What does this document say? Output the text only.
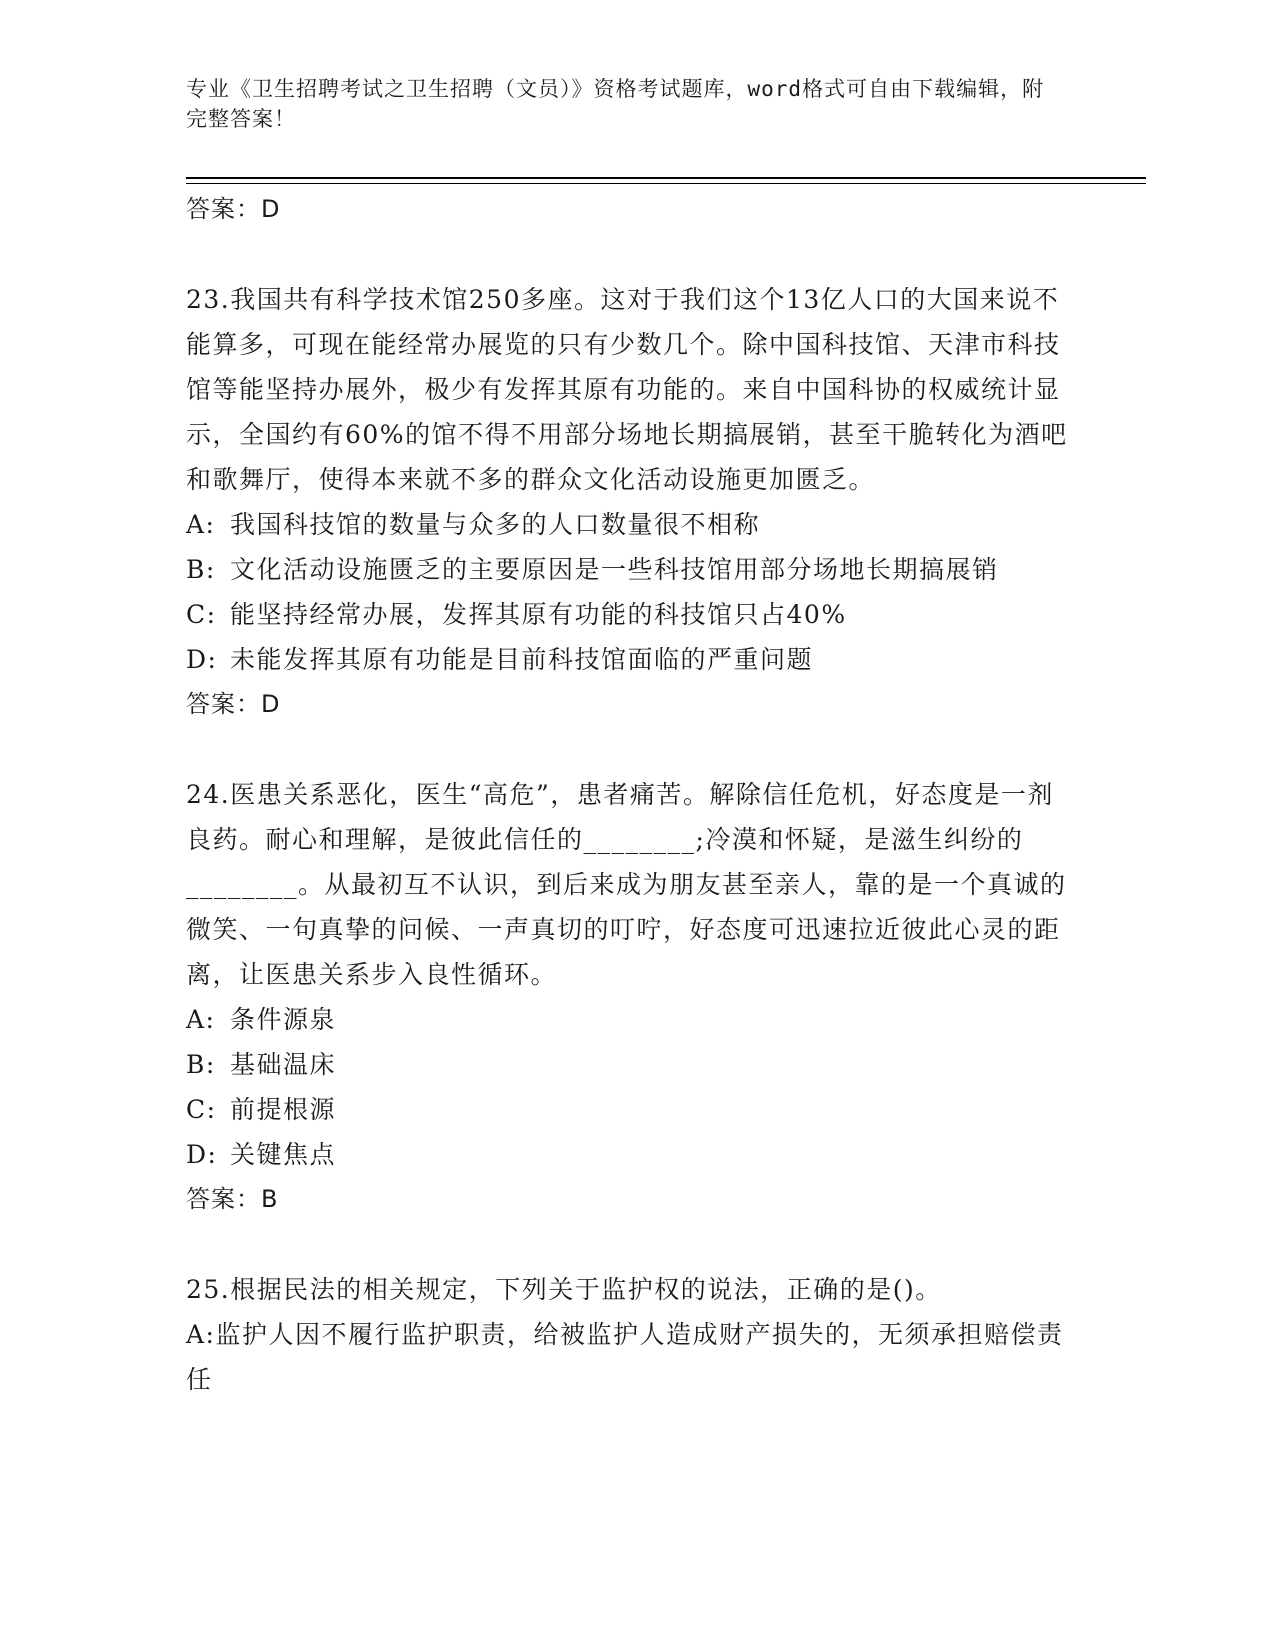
专业《卫生招聘考试之卫生招聘（文员）》资格考试题库，word格式可自由下载编辑，附完整答案！
答案：D
23.我国共有科学技术馆250多座。这对于我们这个13亿人口的大国来说不能算多，可现在能经常办展览的只有少数几个。除中国科技馆、天津市科技馆等能坚持办展外，极少有发挥其原有功能的。来自中国科协的权威统计显示，全国约有60%的馆不得不用部分场地长期搞展销，甚至干脆转化为酒吧和歌舞厅，使得本来就不多的群众文化活动设施更加匮乏。
A: 我国科技馆的数量与众多的人口数量很不相称
B: 文化活动设施匮乏的主要原因是一些科技馆用部分场地长期搞展销
C: 能坚持经常办展，发挥其原有功能的科技馆只占40%
D: 未能发挥其原有功能是目前科技馆面临的严重问题
答案：D
24.医患关系恶化，医生“高危”，患者痛苦。解除信任危机，好态度是一剂良药。耐心和理解，是彼此信任的________;冷漠和怀疑，是滋生纠纷的________。从最初互不认识，到后来成为朋友甚至亲人，靠的是一个真诚的微笑、一句真挚的问候、一声真切的叮咛，好态度可迅速拉近彼此心灵的距离，让医患关系步入良性循环。
A: 条件源泉
B: 基础温床
C: 前提根源
D: 关键焦点
答案：B
25.根据民法的相关规定，下列关于监护权的说法，正确的是()。
A:监护人因不履行监护职责，给被监护人造成财产损失的，无须承担赔偿责任
